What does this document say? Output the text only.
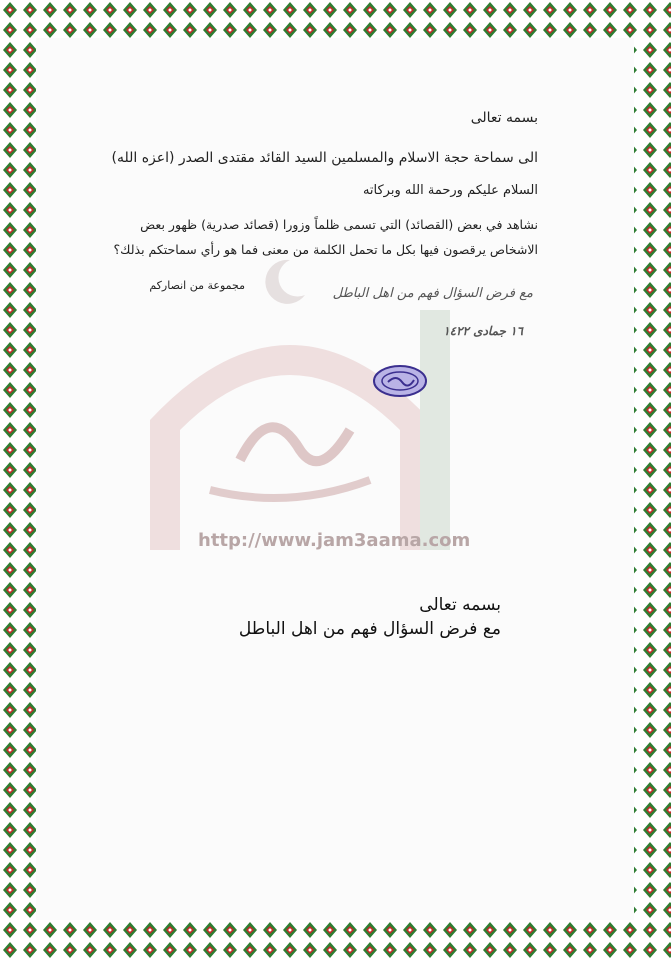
بسمه تعالى
الى سماحة حجة الاسلام والمسلمين السيد القائد مقتدى الصدر (اعزه الله)
السلام عليكم ورحمة الله وبركاته
نشاهد في بعض (القصائد) التي تسمى ظلماً وزورا (قصائد صدرية) ظهور بعض
الاشخاص يرقصون فيها بكل ما تحمل الكلمة من معنى فما هو رأي سماحتكم بذلك؟
مجموعة من انصاركم
مع فرض السؤال فهم من اهل الباطل
١٦ جمادى ١٤٢٢
http://www.jam3aama.com
بسمه تعالى
مع فرض السؤال فهم من اهل الباطل
